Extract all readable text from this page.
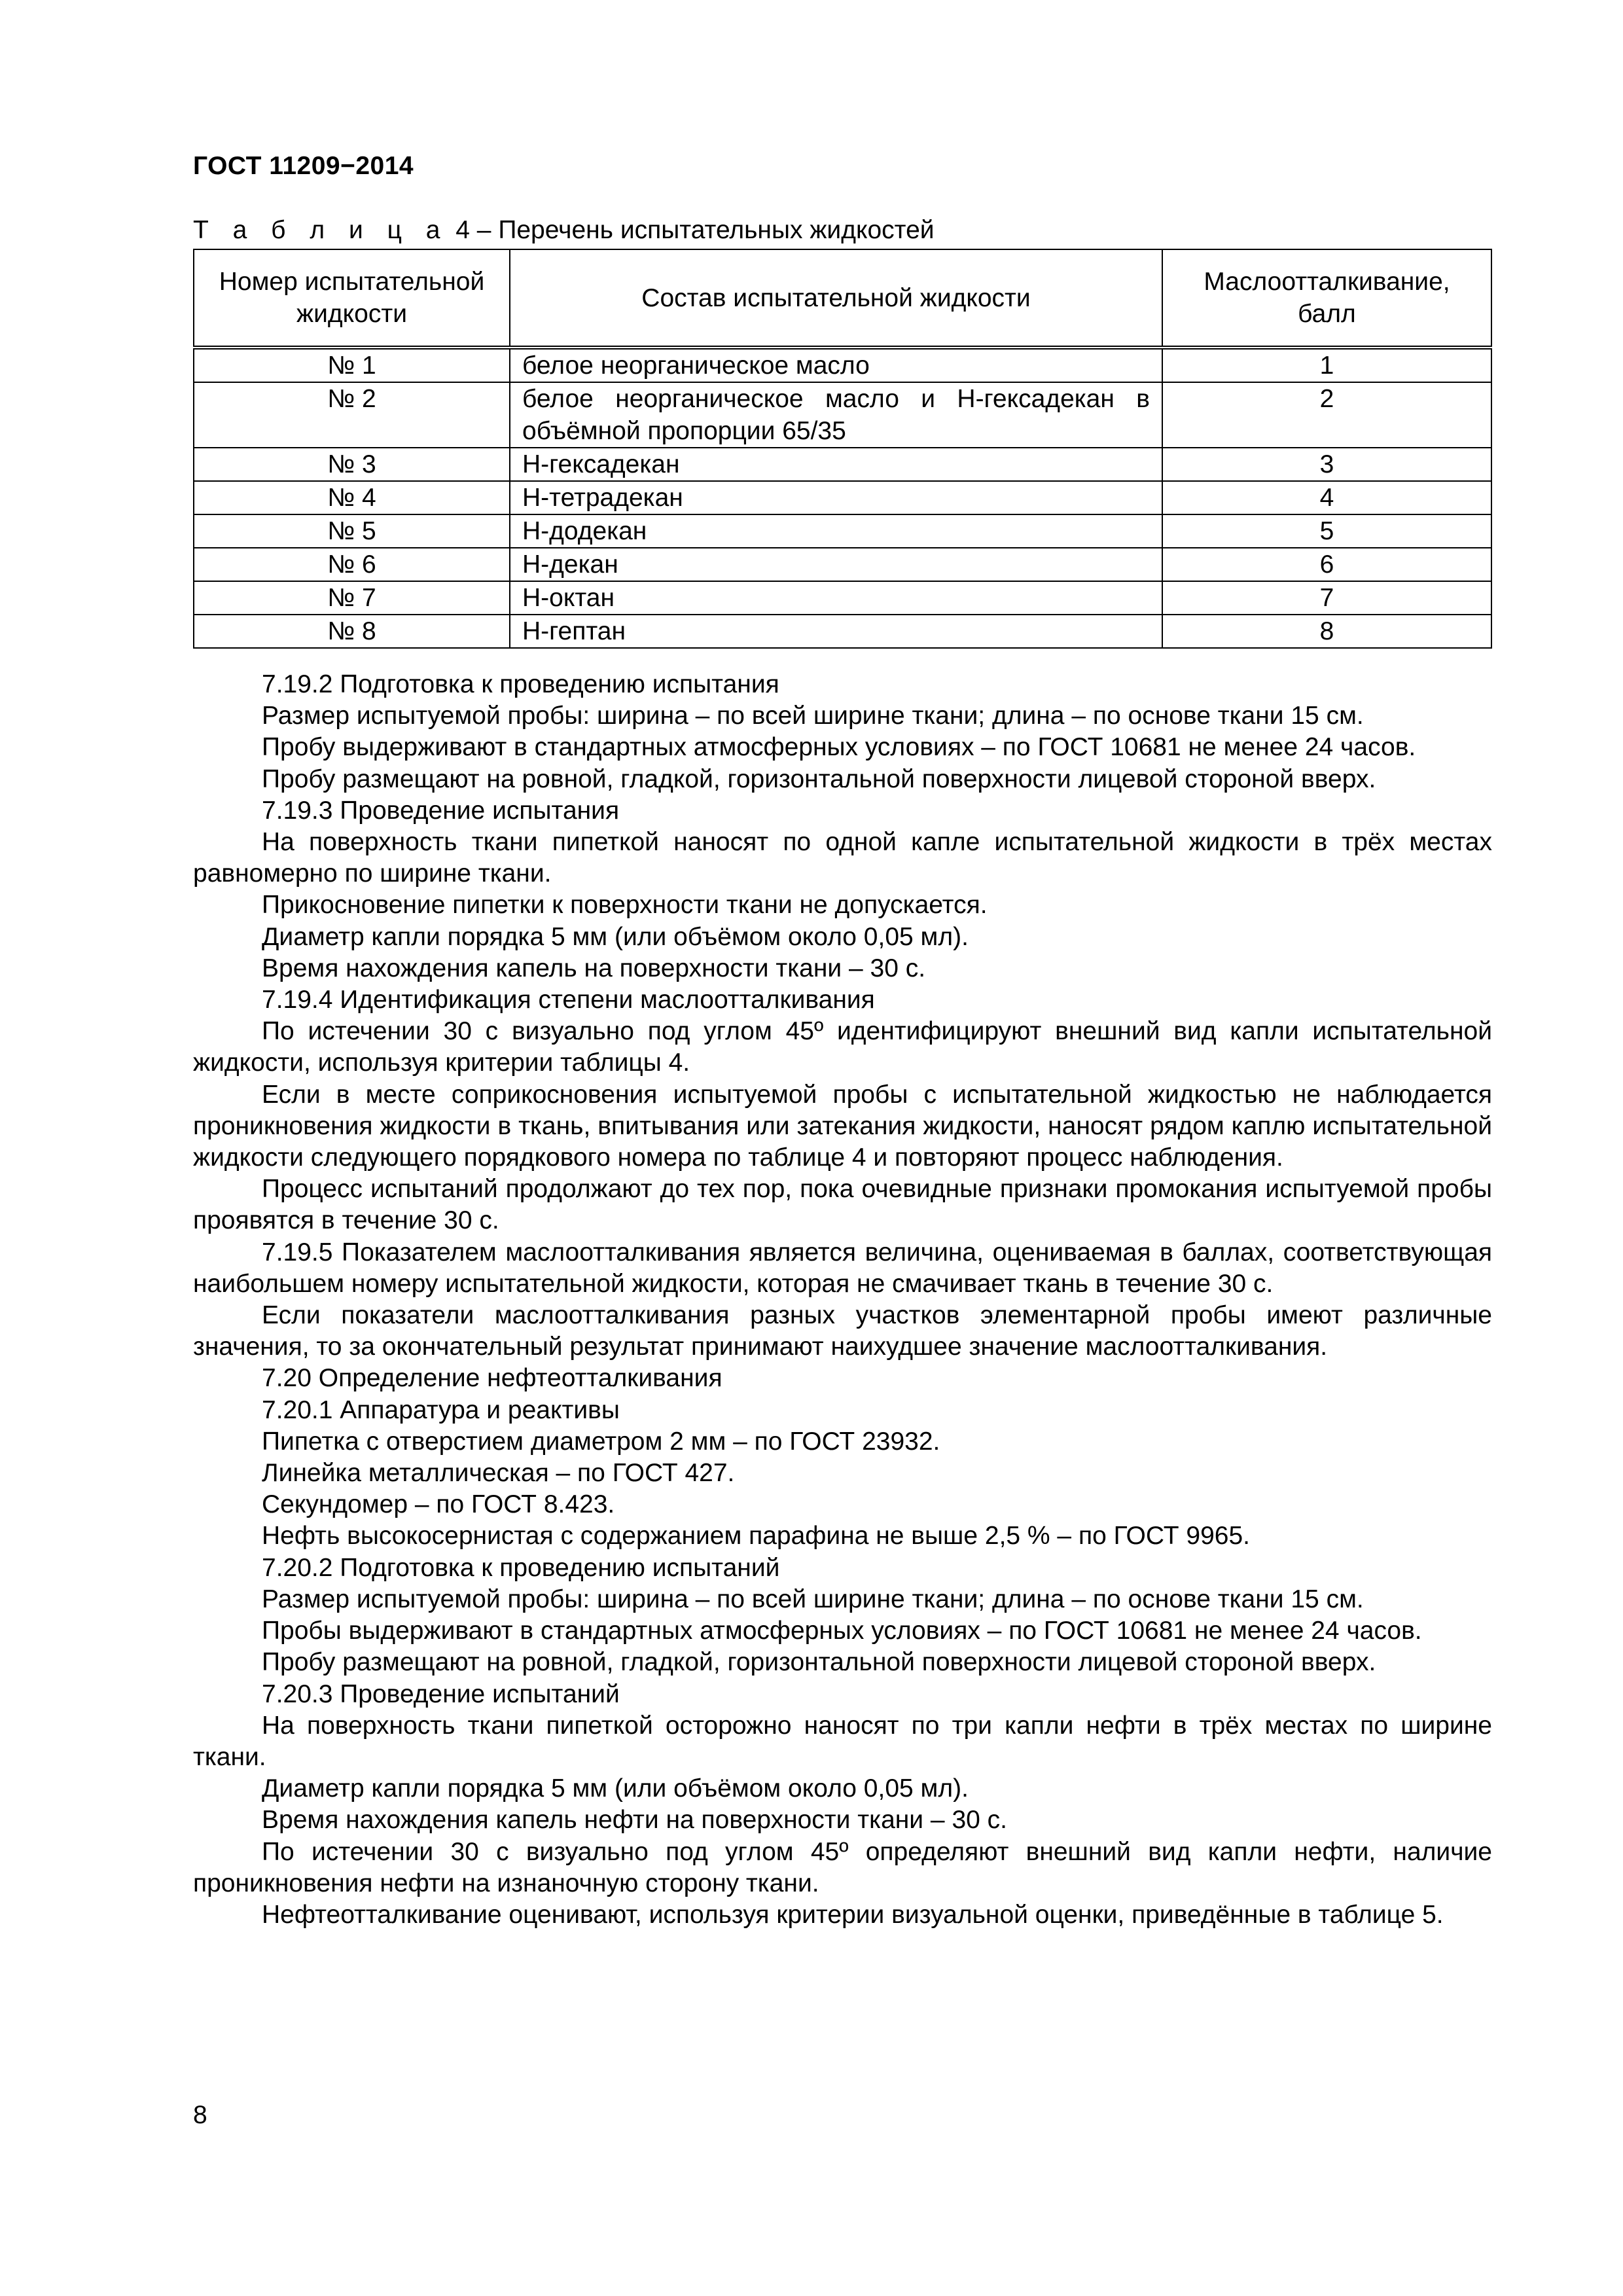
ГОСТ 11209−2014
Т а б л и ц а 4 – Перечень испытательных жидкостей
Номер испытательной жидкости	Состав испытательной жидкости	Маслоотталкивание, балл
№ 1	белое неорганическое масло	1
№ 2	белое неорганическое масло и Н-гексадекан в объёмной пропорции 65/35	2
№ 3	Н-гексадекан	3
№ 4	Н-тетрадекан	4
№ 5	Н-додекан	5
№ 6	Н-декан	6
№ 7	Н-октан	7
№ 8	Н-гептан	8

7.19.2 Подготовка к проведению испытания

Размер испытуемой пробы: ширина – по всей ширине ткани; длина – по основе ткани 15 см.

Пробу выдерживают в стандартных атмосферных условиях – по ГОСТ 10681 не менее 24 часов.

Пробу размещают на ровной, гладкой, горизонтальной поверхности лицевой стороной вверх.

7.19.3 Проведение испытания

На поверхность ткани пипеткой наносят по одной капле испытательной жидкости в трёх местах равномерно по ширине ткани.

Прикосновение пипетки к поверхности ткани не допускается.

Диаметр капли порядка 5 мм (или объёмом около 0,05 мл).

Время нахождения капель на поверхности ткани – 30 с.

7.19.4 Идентификация степени маслоотталкивания

По истечении 30 с визуально под углом 45º идентифицируют внешний вид капли испытательной жидкости, используя критерии таблицы 4.

Если в месте соприкосновения испытуемой пробы с испытательной жидкостью не наблюдается проникновения жидкости в ткань, впитывания или затекания жидкости, наносят рядом каплю испытательной жидкости следующего порядкового номера по таблице 4 и повторяют процесс наблюдения.

Процесс испытаний продолжают до тех пор, пока очевидные признаки промокания испытуемой пробы проявятся в течение 30 с.

7.19.5 Показателем маслоотталкивания является величина, оцениваемая в баллах, соответствующая наибольшем номеру испытательной жидкости, которая не смачивает ткань в течение 30 с.

Если показатели маслоотталкивания разных участков элементарной пробы имеют различные значения, то за окончательный результат принимают наихудшее значение маслоотталкивания.

7.20 Определение нефтеотталкивания

7.20.1 Аппаратура и реактивы

Пипетка с отверстием диаметром 2 мм – по ГОСТ 23932.

Линейка металлическая – по ГОСТ 427.

Секундомер – по ГОСТ 8.423.

Нефть высокосернистая с содержанием парафина не выше 2,5 % – по ГОСТ 9965.

7.20.2 Подготовка к проведению испытаний

Размер испытуемой пробы: ширина – по всей ширине ткани; длина – по основе ткани 15 см.

Пробы выдерживают в стандартных атмосферных условиях – по ГОСТ 10681 не менее 24 часов.

Пробу размещают на ровной, гладкой, горизонтальной поверхности лицевой стороной вверх.

7.20.3 Проведение испытаний

На поверхность ткани пипеткой осторожно наносят по три капли нефти в трёх местах по ширине ткани.

Диаметр капли порядка 5 мм (или объёмом около 0,05 мл).

Время нахождения капель нефти на поверхности ткани – 30 с.

По истечении 30 с визуально под углом 45º определяют внешний вид капли нефти, наличие проникновения нефти на изнаночную сторону ткани.

Нефтеотталкивание оценивают, используя критерии визуальной оценки, приведённые в таблице 5.

8
